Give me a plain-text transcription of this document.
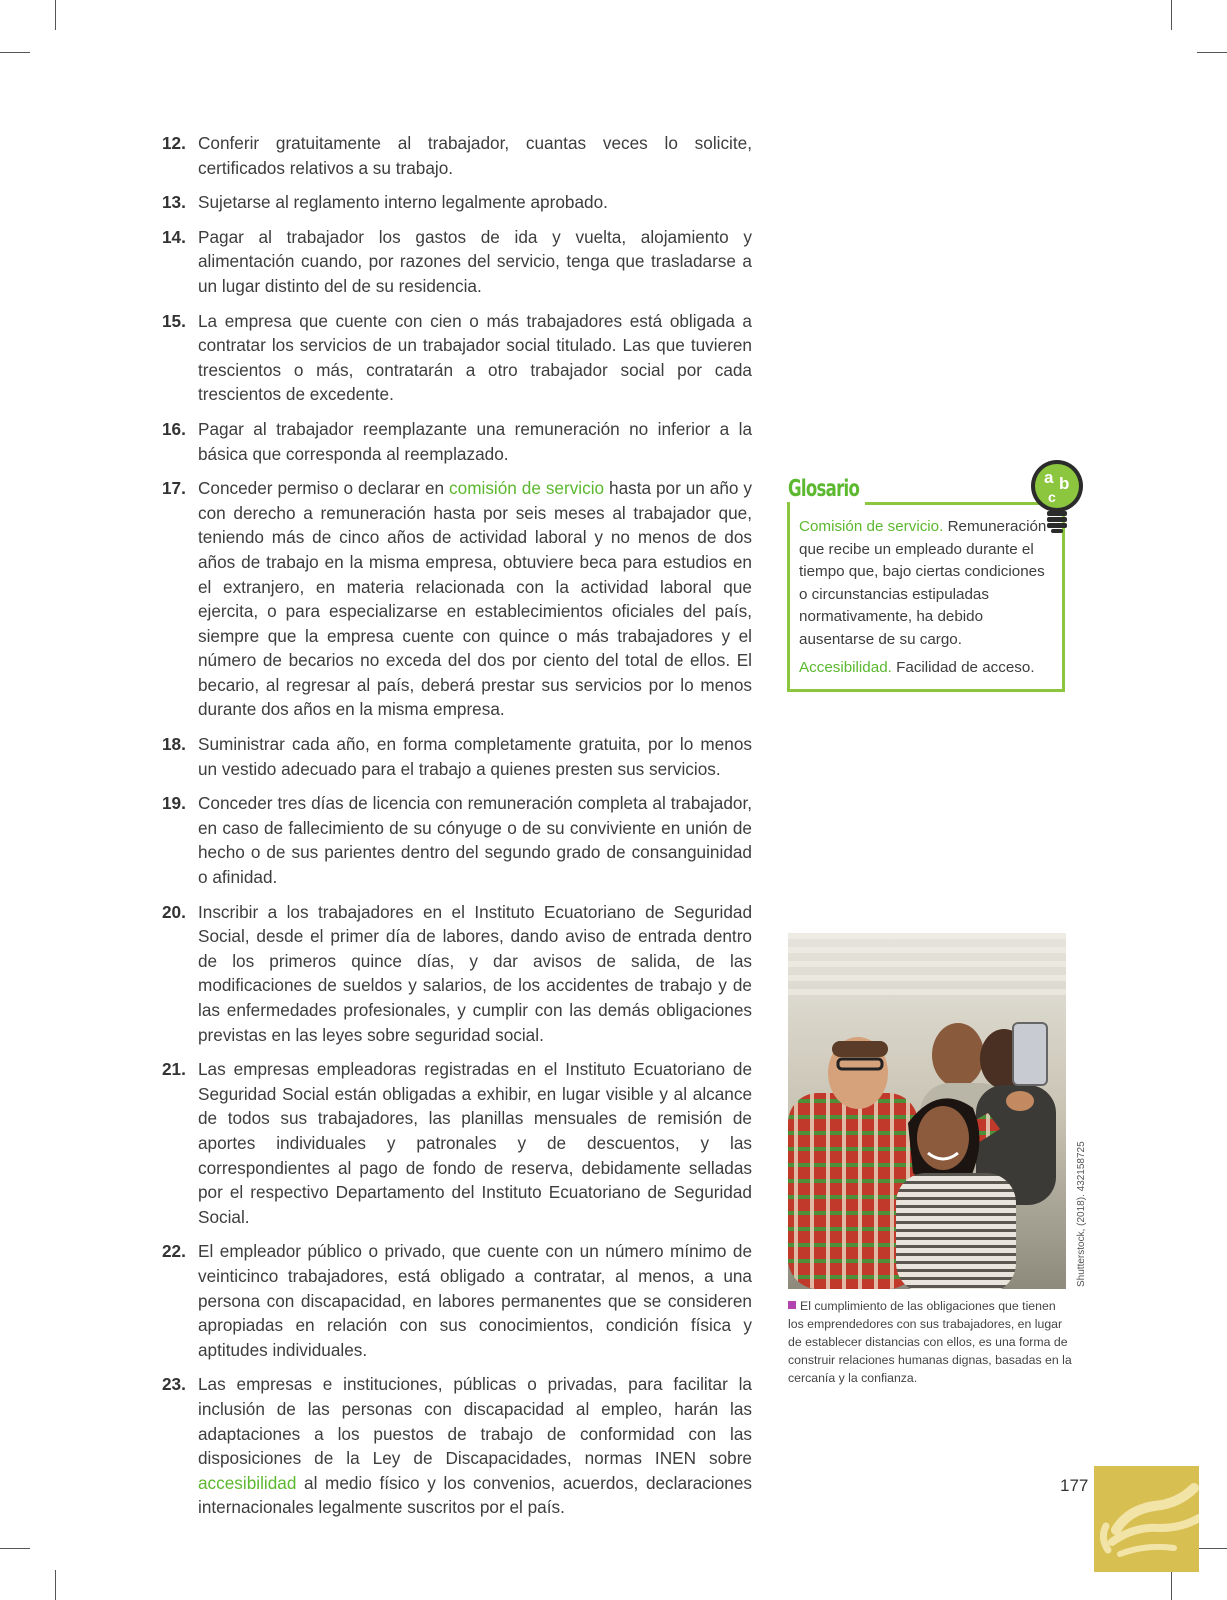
12. Conferir gratuitamente al trabajador, cuantas veces lo solicite, certificados relativos a su trabajo.
13. Sujetarse al reglamento interno legalmente aprobado.
14. Pagar al trabajador los gastos de ida y vuelta, alojamiento y alimentación cuando, por razones del servicio, tenga que trasladarse a un lugar distinto del de su residencia.
15. La empresa que cuente con cien o más trabajadores está obligada a contratar los servicios de un trabajador social titulado. Las que tuvieren trescientos o más, contratarán a otro trabajador social por cada trescientos de excedente.
16. Pagar al trabajador reemplazante una remuneración no inferior a la básica que corresponda al reemplazado.
17. Conceder permiso o declarar en comisión de servicio hasta por un año y con derecho a remuneración hasta por seis meses al trabajador que, teniendo más de cinco años de actividad laboral y no menos de dos años de trabajo en la misma empresa, obtuviere beca para estudios en el extranjero, en materia relacionada con la actividad laboral que ejercita, o para especializarse en establecimientos oficiales del país, siempre que la empresa cuente con quince o más trabajadores y el número de becarios no exceda del dos por ciento del total de ellos. El becario, al regresar al país, deberá prestar sus servicios por lo menos durante dos años en la misma empresa.
18. Suministrar cada año, en forma completamente gratuita, por lo menos un vestido adecuado para el trabajo a quienes presten sus servicios.
19. Conceder tres días de licencia con remuneración completa al trabajador, en caso de fallecimiento de su cónyuge o de su conviviente en unión de hecho o de sus parientes dentro del segundo grado de consanguinidad o afinidad.
20. Inscribir a los trabajadores en el Instituto Ecuatoriano de Seguridad Social, desde el primer día de labores, dando aviso de entrada dentro de los primeros quince días, y dar avisos de salida, de las modificaciones de sueldos y salarios, de los accidentes de trabajo y de las enfermedades profesionales, y cumplir con las demás obligaciones previstas en las leyes sobre seguridad social.
21. Las empresas empleadoras registradas en el Instituto Ecuatoriano de Seguridad Social están obligadas a exhibir, en lugar visible y al alcance de todos sus trabajadores, las planillas mensuales de remisión de aportes individuales y patronales y de descuentos, y las correspondientes al pago de fondo de reserva, debidamente selladas por el respectivo Departamento del Instituto Ecuatoriano de Seguridad Social.
22. El empleador público o privado, que cuente con un número mínimo de veinticinco trabajadores, está obligado a contratar, al menos, a una persona con discapacidad, en labores permanentes que se consideren apropiadas en relación con sus conocimientos, condición física y aptitudes individuales.
23. Las empresas e instituciones, públicas o privadas, para facilitar la inclusión de las personas con discapacidad al empleo, harán las adaptaciones a los puestos de trabajo de conformidad con las disposiciones de la Ley de Discapacidades, normas INEN sobre accesibilidad al medio físico y los convenios, acuerdos, declaraciones internacionales legalmente suscritos por el país.
Glosario	a b
c

Comisión de servicio. Remuneración que recibe un empleado durante el tiempo que, bajo ciertas condiciones o circunstancias estipuladas normativamente, ha debido ausentarse de su cargo.

Accesibilidad. Facilidad de acceso.

Shutterstock, (2018). 432158725

El cumplimiento de las obligaciones que tienen los emprendedores con sus trabajadores, en lugar de establecer distancias con ellos, es una forma de construir relaciones humanas dignas, basadas en la cercanía y la confianza.

177
